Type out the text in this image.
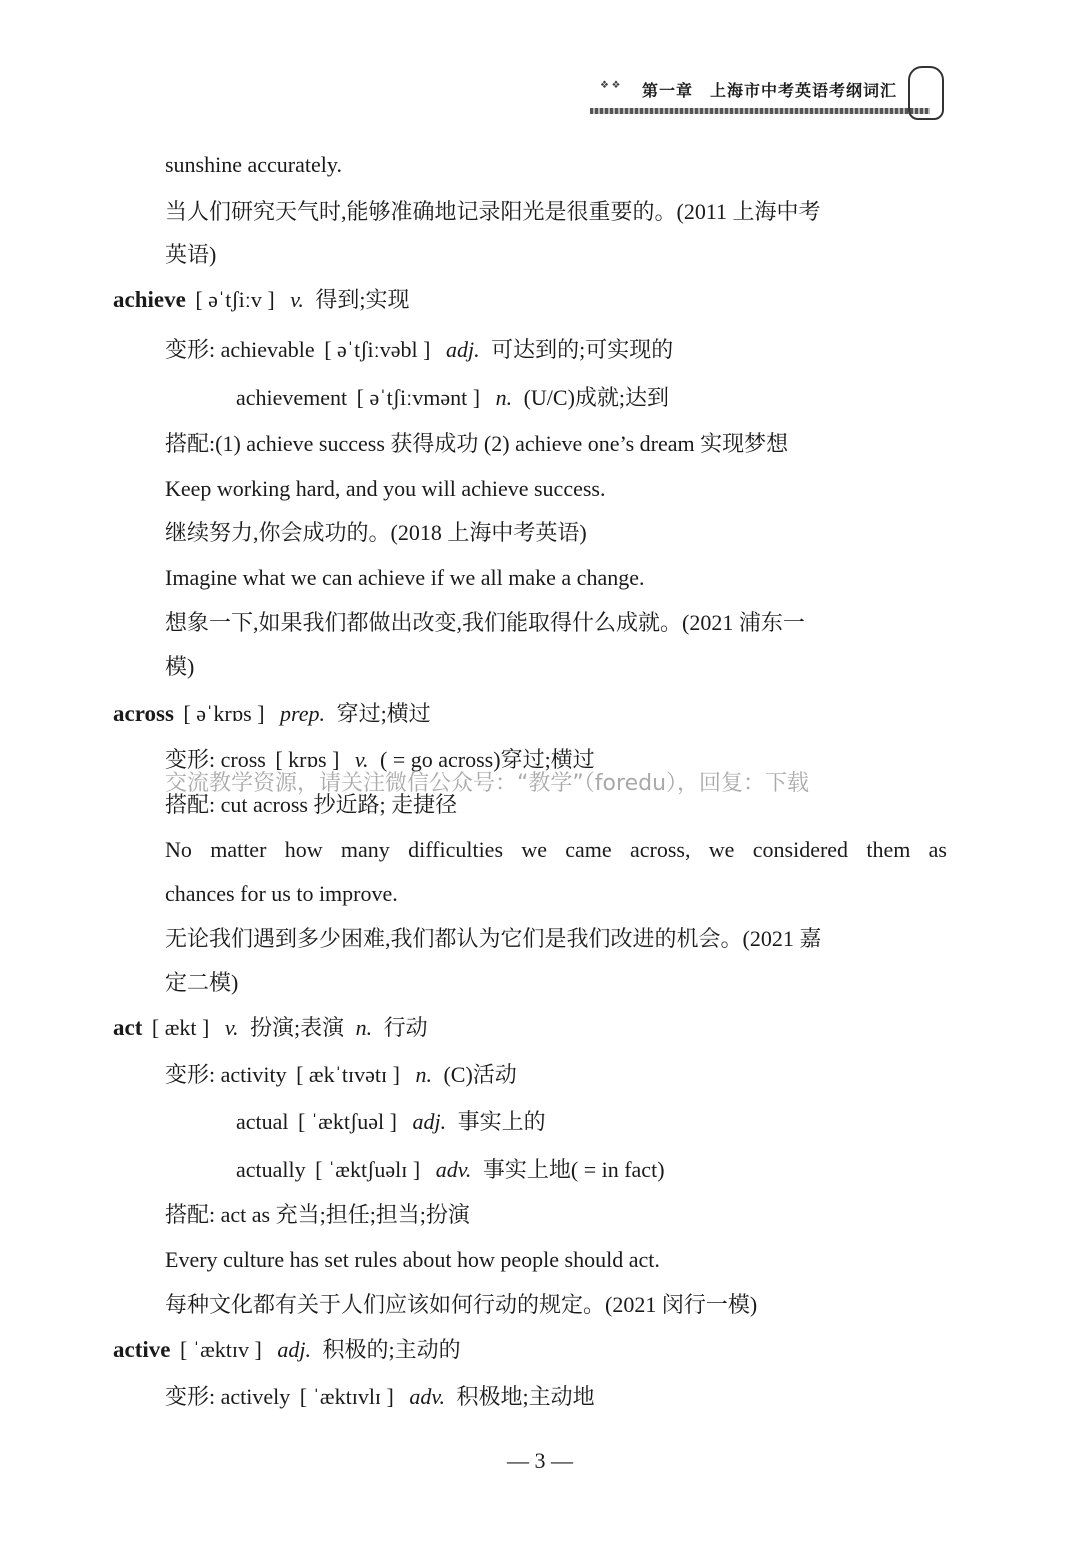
❖ ❖	第一章　上海市中考英语考纲词汇
sunshine accurately.
当人们研究天气时,能够准确地记录阳光是很重要的。(2011 上海中考
英语)
achieve [ əˈtʃiːv ] v. 得到;实现
变形: achievable [ əˈtʃiːvəbl ] adj. 可达到的;可实现的
achievement [ əˈtʃiːvmənt ] n. (U/C)成就;达到
搭配:(1) achieve success 获得成功 (2) achieve one’s dream 实现梦想
Keep working hard, and you will achieve success.
继续努力,你会成功的。(2018 上海中考英语)
Imagine what we can achieve if we all make a change.
想象一下,如果我们都做出改变,我们能取得什么成就。(2021 浦东一
模)
across [ əˈkrɒs ] prep. 穿过;横过
变形: cross [ krɒs ] v. ( = go across)穿过;横过
搭配: cut across 抄近路; 走捷径
No matter how many difficulties we came across, we considered them as
chances for us to improve.
无论我们遇到多少困难,我们都认为它们是我们改进的机会。(2021 嘉
定二模)
act [ ækt ] v. 扮演;表演 n. 行动
变形: activity [ ækˈtɪvətɪ ] n. (C)活动
actual [ ˈæktʃuəl ] adj. 事实上的
actually [ ˈæktʃuəlɪ ] adv. 事实上地( = in fact)
搭配: act as 充当;担任;担当;扮演
Every culture has set rules about how people should act.
每种文化都有关于人们应该如何行动的规定。(2021 闵行一模)
active [ ˈæktɪv ] adj. 积极的;主动的
变形: actively [ ˈæktɪvlɪ ] adv. 积极地;主动地
交流教学资源，请关注微信公众号：“教学”（foredu），回复：下载
— 3 —
